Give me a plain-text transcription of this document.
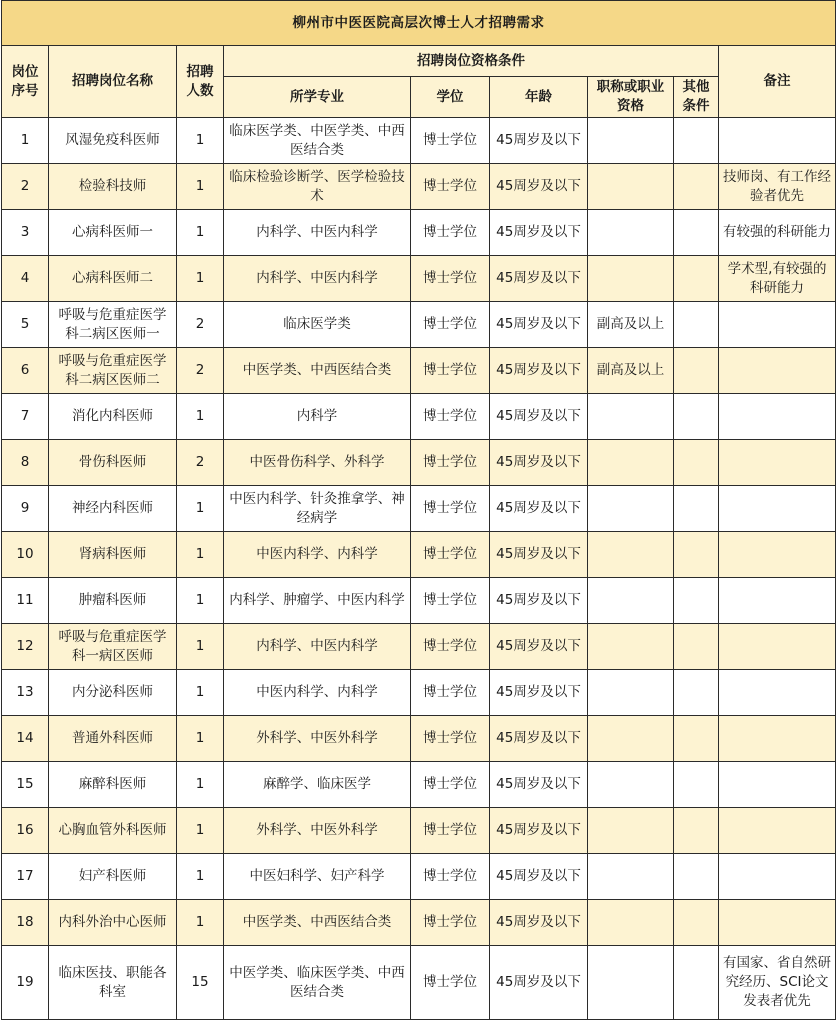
柳州市中医医院高层次博士人才招聘需求								
岗位序号	招聘岗位名称	招聘人数	招聘岗位资格条件					备注
			所学专业	学位	年龄	职称或职业资格	其他条件	
1	风湿免疫科医师	1	临床医学类、中医学类、中西医结合类	博士学位	45周岁及以下			
2	检验科技师	1	临床检验诊断学、医学检验技术	博士学位	45周岁及以下			技师岗、有工作经验者优先
3	心病科医师一	1	内科学、中医内科学	博士学位	45周岁及以下			有较强的科研能力
4	心病科医师二	1	内科学、中医内科学	博士学位	45周岁及以下			学术型,有较强的科研能力
5	呼吸与危重症医学科二病区医师一	2	临床医学类	博士学位	45周岁及以下	副高及以上		
6	呼吸与危重症医学科二病区医师二	2	中医学类、中西医结合类	博士学位	45周岁及以下	副高及以上		
7	消化内科医师	1	内科学	博士学位	45周岁及以下			
8	骨伤科医师	2	中医骨伤科学、外科学	博士学位	45周岁及以下			
9	神经内科医师	1	中医内科学、针灸推拿学、神经病学	博士学位	45周岁及以下			
10	肾病科医师	1	中医内科学、内科学	博士学位	45周岁及以下			
11	肿瘤科医师	1	内科学、肿瘤学、中医内科学	博士学位	45周岁及以下			
12	呼吸与危重症医学科一病区医师	1	内科学、中医内科学	博士学位	45周岁及以下			
13	内分泌科医师	1	中医内科学、内科学	博士学位	45周岁及以下			
14	普通外科医师	1	外科学、中医外科学	博士学位	45周岁及以下			
15	麻醉科医师	1	麻醉学、临床医学	博士学位	45周岁及以下			
16	心胸血管外科医师	1	外科学、中医外科学	博士学位	45周岁及以下			
17	妇产科医师	1	中医妇科学、妇产科学	博士学位	45周岁及以下			
18	内科外治中心医师	1	中医学类、中西医结合类	博士学位	45周岁及以下			
19	临床医技、职能各科室	15	中医学类、临床医学类、中西医结合类	博士学位	45周岁及以下			有国家、省自然研究经历、SCI论文发表者优先
